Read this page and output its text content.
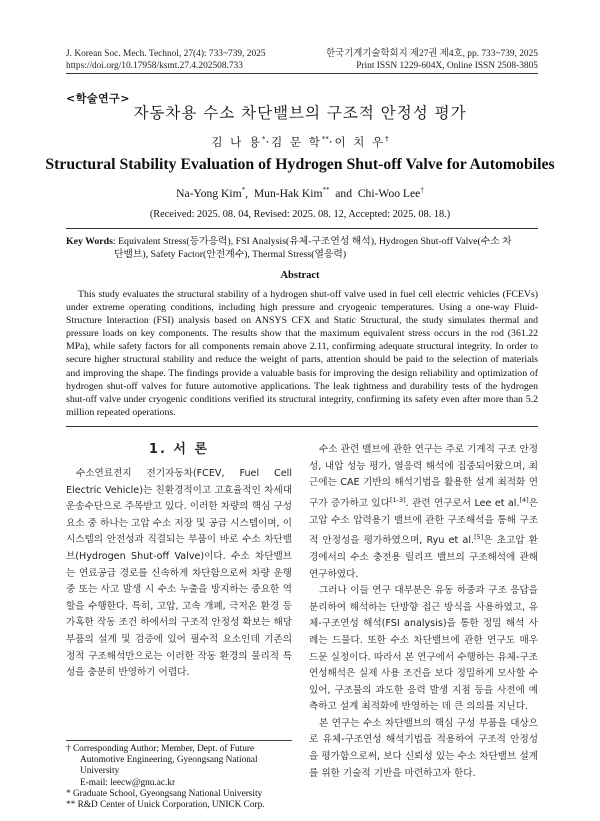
J. Korean Soc. Mech. Technol, 27(4): 733~739, 2025	한국기계기술학회지 제27권 제4호, pp. 733~739, 2025
https://doi.org/10.17958/ksmt.27.4.202508.733	Print ISSN 1229-604X, Online ISSN 2508-3805
<학술연구>
자동차용 수소 차단밸브의 구조적 안정성 평가
김 나 용*·김 문 학**·이 치 우†
Structural Stability Evaluation of Hydrogen Shut-off Valve for Automobiles
Na-Yong Kim*,  Mun-Hak Kim** and Chi-Woo Lee†
(Received: 2025. 08. 04, Revised: 2025. 08. 12, Accepted: 2025. 08. 18.)
Key Words: Equivalent Stress(등가응력), FSI Analysis(유체-구조연성 해석), Hydrogen Shut-off Valve(수소 차
단밸브), Safety Factor(안전계수), Thermal Stress(열응력)
Abstract
This study evaluates the structural stability of a hydrogen shut-off valve used in fuel cell electric vehicles (FCEVs) under extreme operating conditions, including high pressure and cryogenic temperatures. Using a one-way Fluid-Structure Interaction (FSI) analysis based on ANSYS CFX and Static Structural, the study simulates thermal and pressure loads on key components. The results show that the maximum equivalent stress occurs in the rod (361.22 MPa), while safety factors for all components remain above 2.11, confirming adequate structural integrity. In order to secure higher structural stability and reduce the weight of parts, attention should be paid to the selection of materials and improving the shape. The findings provide a valuable basis for improving the design reliability and optimization of hydrogen shut-off valves for future automotive applications. The leak tightness and durability tests of the hydrogen shut-off valve under cryogenic conditions verified its structural integrity, confirming its safety even after more than 5.2 million repeated operations.
1. 서 론

수소연료전지 전기자동차(FCEV, Fuel Cell Electric Vehicle)는 친환경적이고 고효율적인 차세대 운송수단으로 주목받고 있다. 이러한 차량의 핵심 구성요소 중 하나는 고압 수소 저장 및 공급 시스템이며, 이 시스템의 안전성과 직결되는 부품이 바로 수소 차단밸브(Hydrogen Shut-off Valve)이다. 수소 차단밸브는 연료공급 경로를 신속하게 차단함으로써 차량 운행 중 또는 사고 발생 시 수소 누출을 방지하는 중요한 역할을 수행한다. 특히, 고압, 고속 개폐, 극저온 환경 등 가혹한 작동 조건 하에서의 구조적 안정성 확보는 해당 부품의 설계 및 검증에 있어 필수적 요소인데 기존의 정적 구조해석만으로는 이러한 작동 환경의 물리적 특성을 충분히 반영하기 어렵다.

수소 관련 밸브에 관한 연구는 주로 기계적 구조 안정성, 내압 성능 평가, 열응력 해석에 집중되어왔으며, 최근에는 CAE 기반의 해석기법을 활용한 설계 최적화 연구가 증가하고 있다[1-3]. 관련 연구로서 Lee et al.[4]은 고압 수소 압력용기 밸브에 관한 구조해석을 통해 구조적 안정성을 평가하였으며, Ryu et al.[5]은 초고압 환경에서의 수소 충전용 릴리프 밸브의 구조해석에 관해 연구하였다.

그러나 이들 연구 대부분은 유동 하중과 구조 응답을 분리하여 해석하는 단방향 접근 방식을 사용하였고, 유체-구조연성 해석(FSI analysis)을 통한 정밀 해석 사례는 드물다. 또한 수소 차단밸브에 관한 연구도 매우 드문 실정이다. 따라서 본 연구에서 수행하는 유체-구조 연성해석은 실제 사용 조건을 보다 정밀하게 모사할 수 있어, 구조물의 과도한 응력 발생 지점 등을 사전에 예측하고 설계 최적화에 반영하는 데 큰 의의를 지닌다.

본 연구는 수소 차단밸브의 핵심 구성 부품을 대상으로 유체-구조연성 해석기법을 적용하여 구조적 안정성을 평가함으로써, 보다 신뢰성 있는 수소 차단밸브 설계를 위한 기술적 기반을 마련하고자 한다.

† Corresponding Author; Member, Dept. of Future
Automotive Engineering, Gyeongsang National
University
E-mail: leecw@gnu.ac.kr
* Graduate School, Gyeongsang National University
** R&D Center of Unick Corporation, UNICK Corp.
